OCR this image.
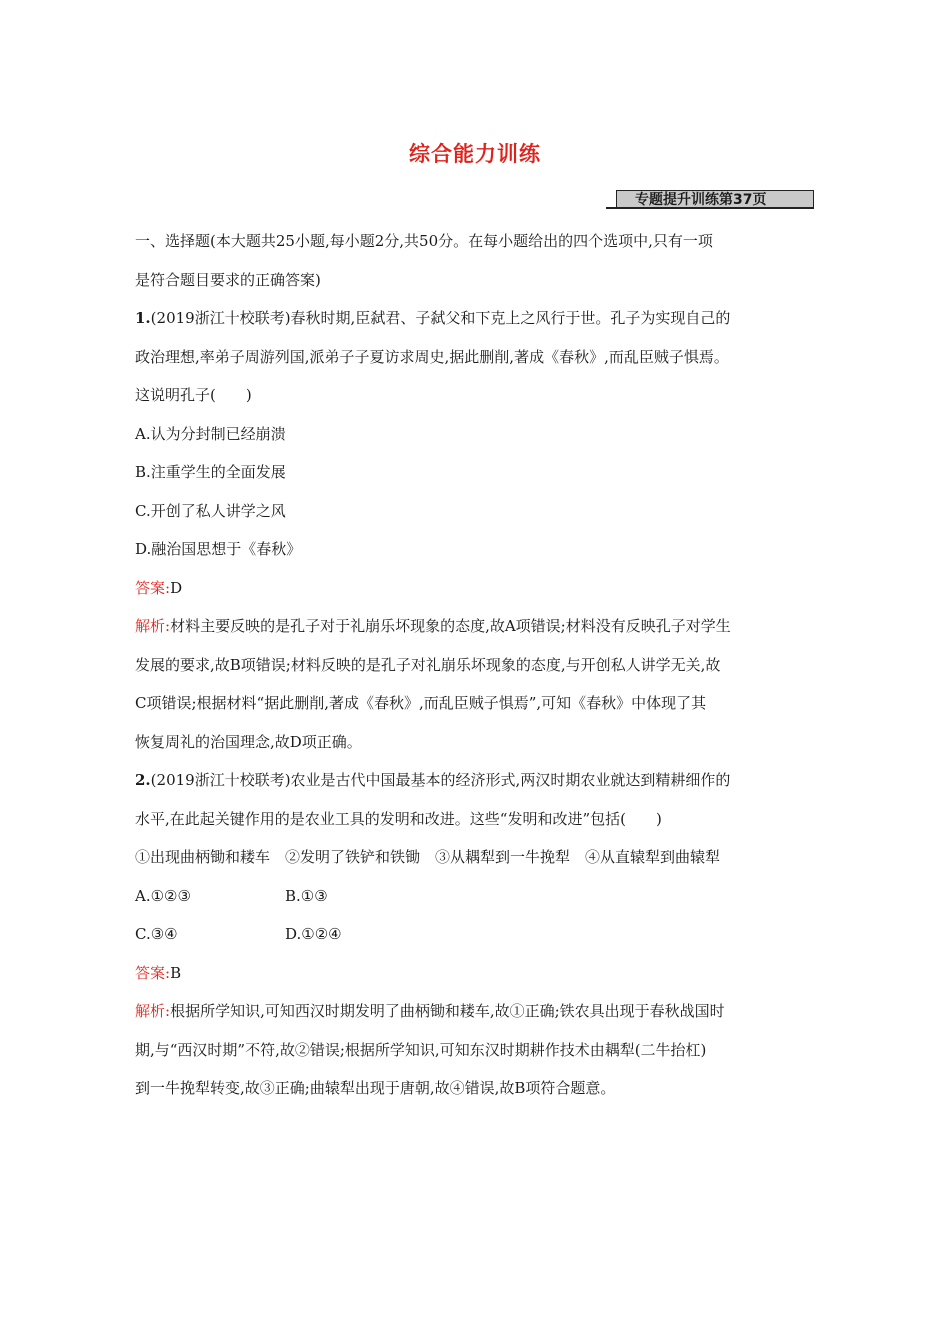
综合能力训练
专题提升训练第37页
一、选择题(本大题共25小题,每小题2分,共50分。在每小题给出的四个选项中,只有一项
是符合题目要求的正确答案)
1.(2019浙江十校联考)春秋时期,臣弑君、子弑父和下克上之风行于世。孔子为实现自己的
政治理想,率弟子周游列国,派弟子子夏访求周史,据此删削,著成《春秋》,而乱臣贼子惧焉。
这说明孔子(　　)
A.认为分封制已经崩溃
B.注重学生的全面发展
C.开创了私人讲学之风
D.融治国思想于《春秋》
答案:D
解析:材料主要反映的是孔子对于礼崩乐坏现象的态度,故A项错误;材料没有反映孔子对学生
发展的要求,故B项错误;材料反映的是孔子对礼崩乐坏现象的态度,与开创私人讲学无关,故
C项错误;根据材料“据此删削,著成《春秋》,而乱臣贼子惧焉”,可知《春秋》中体现了其
恢复周礼的治国理念,故D项正确。
2.(2019浙江十校联考)农业是古代中国最基本的经济形式,两汉时期农业就达到精耕细作的
水平,在此起关键作用的是农业工具的发明和改进。这些“发明和改进”包括(　　)
①出现曲柄锄和耧车　②发明了铁铲和铁锄　③从耦犁到一牛挽犁　④从直辕犁到曲辕犁
A.①②③	B.①③
C.③④	D.①②④
答案:B
解析:根据所学知识,可知西汉时期发明了曲柄锄和耧车,故①正确;铁农具出现于春秋战国时
期,与“西汉时期”不符,故②错误;根据所学知识,可知东汉时期耕作技术由耦犁(二牛抬杠)
到一牛挽犁转变,故③正确;曲辕犁出现于唐朝,故④错误,故B项符合题意。
